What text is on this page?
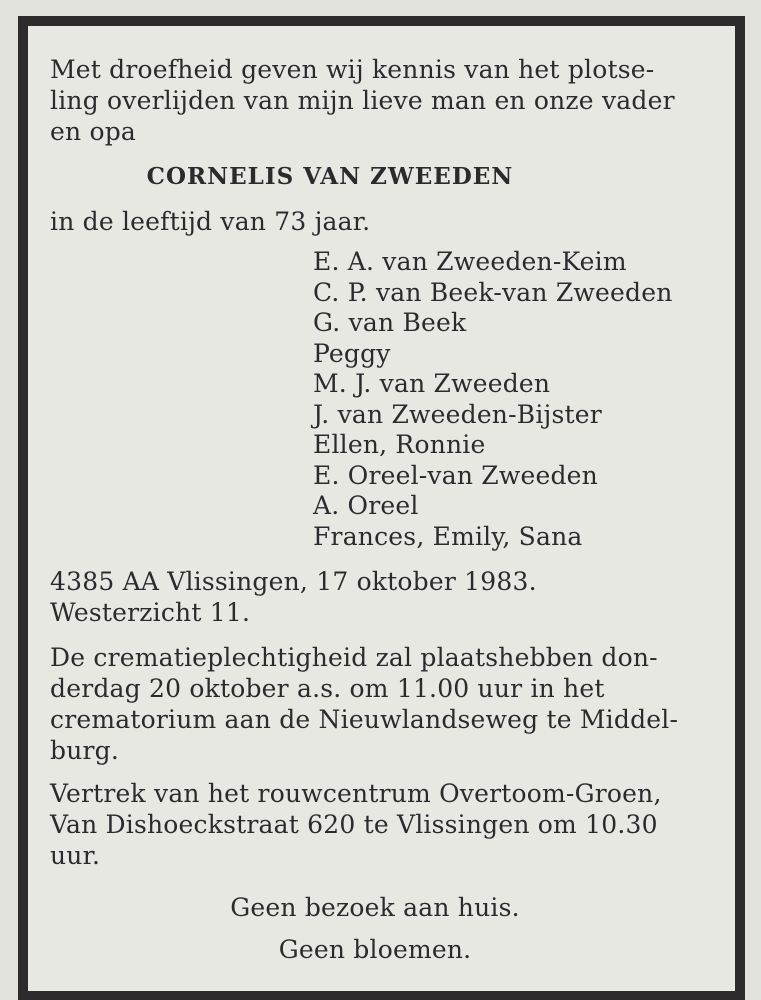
Met droefheid geven wij kennis van het plotse-
ling overlijden van mijn lieve man en onze vader
en opa
CORNELIS VAN ZWEEDEN
in de leeftijd van 73 jaar.
E. A. van Zweeden-Keim
C. P. van Beek-van Zweeden
G. van Beek
Peggy
M. J. van Zweeden
J. van Zweeden-Bijster
Ellen, Ronnie
E. Oreel-van Zweeden
A. Oreel
Frances, Emily, Sana
4385 AA Vlissingen, 17 oktober 1983.
Westerzicht 11.
De crematieplechtigheid zal plaatshebben don-
derdag 20 oktober a.s. om 11.00 uur in het
crematorium aan de Nieuwlandseweg te Middel-
burg.
Vertrek van het rouwcentrum Overtoom-Groen,
Van Dishoeckstraat 620 te Vlissingen om 10.30
uur.
Geen bezoek aan huis.
Geen bloemen.
